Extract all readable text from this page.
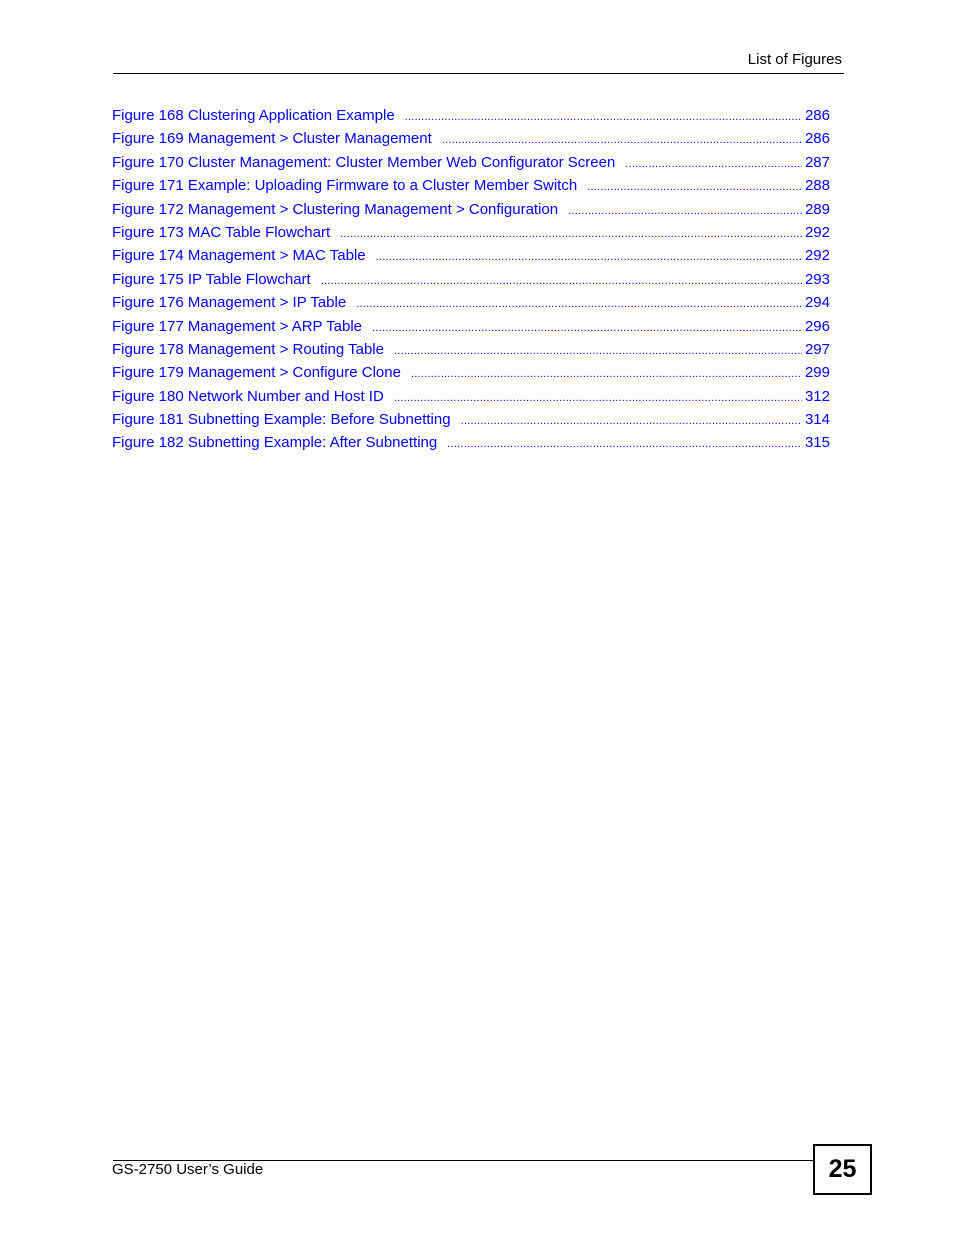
List of Figures
Figure 168 Clustering Application Example .....	286
Figure 169 Management > Cluster Management .....	286
Figure 170 Cluster Management: Cluster Member Web Configurator Screen .....	287
Figure 171 Example: Uploading Firmware to a Cluster Member Switch .....	288
Figure 172 Management > Clustering Management > Configuration .....	289
Figure 173 MAC Table Flowchart .....	292
Figure 174 Management > MAC Table .....	292
Figure 175 IP Table Flowchart .....	293
Figure 176 Management > IP Table .....	294
Figure 177 Management > ARP Table .....	296
Figure 178 Management > Routing Table .....	297
Figure 179 Management > Configure Clone .....	299
Figure 180 Network Number and Host ID .....	312
Figure 181 Subnetting Example: Before Subnetting .....	314
Figure 182 Subnetting Example: After Subnetting .....	315
GS-2750 User’s Guide	25
